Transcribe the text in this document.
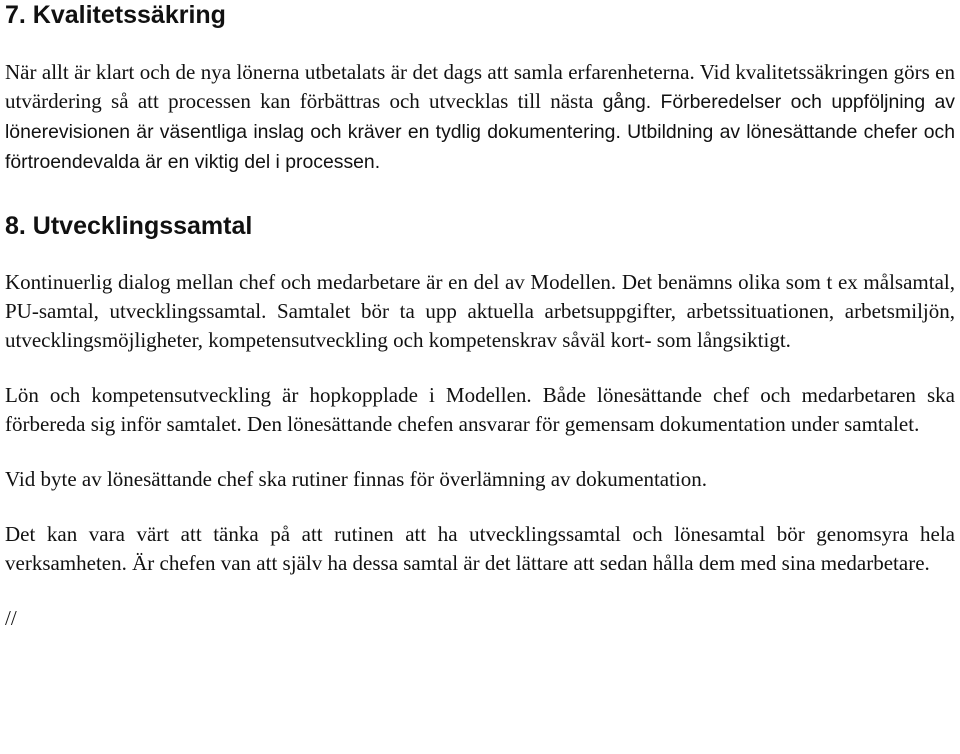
7. Kvalitetssäkring

När allt är klart och de nya lönerna utbetalats är det dags att samla erfarenheterna. Vid kvalitetssäkringen görs en utvärdering så att processen kan förbättras och utvecklas till nästa gång. Förberedelser och uppföljning av lönerevisionen är väsentliga inslag och kräver en tydlig dokumentering. Utbildning av lönesättande chefer och förtroendevalda är en viktig del i processen.

8. Utvecklingssamtal

Kontinuerlig dialog mellan chef och medarbetare är en del av Modellen. Det benämns olika som t ex målsamtal, PU-samtal, utvecklingssamtal. Samtalet bör ta upp aktuella arbetsuppgifter, arbetssituationen, arbetsmiljön, utvecklingsmöjligheter, kompetensutveckling och kompetenskrav såväl kort- som långsiktigt.

Lön och kompetensutveckling är hopkopplade i Modellen. Både lönesättande chef och medarbetaren ska förbereda sig inför samtalet. Den lönesättande chefen ansvarar för gemensam dokumentation under samtalet.

Vid byte av lönesättande chef ska rutiner finnas för överlämning av dokumentation.

Det kan vara värt att tänka på att rutinen att ha utvecklingssamtal och lönesamtal bör genomsyra hela verksamheten. Är chefen van att själv ha dessa samtal är det lättare att sedan hålla dem med sina medarbetare.

//
